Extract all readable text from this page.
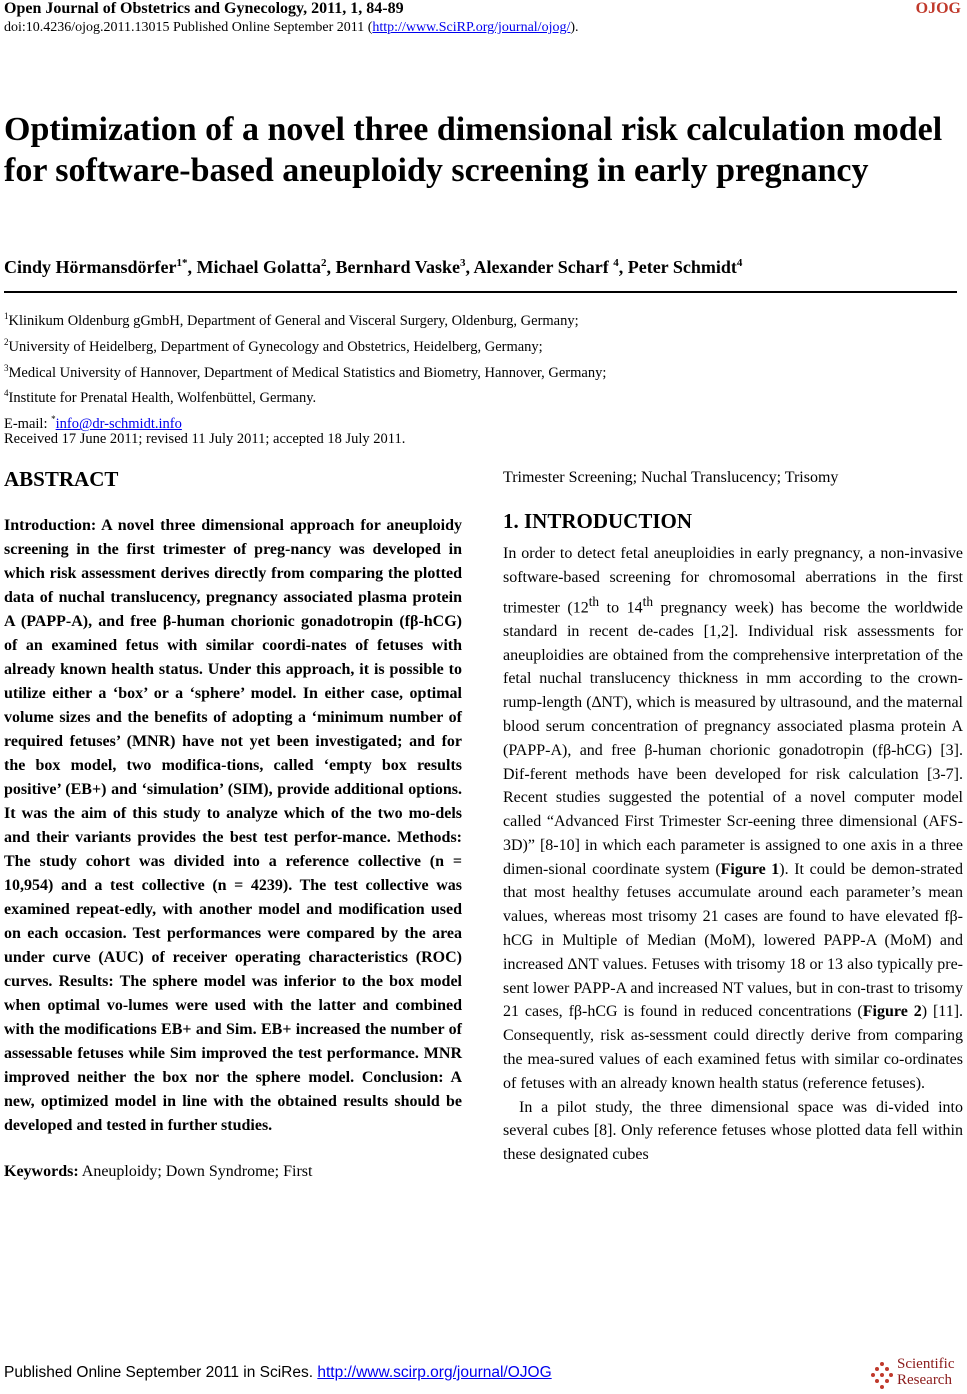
Open Journal of Obstetrics and Gynecology, 2011, 1, 84-89	OJOG
doi:10.4236/ojog.2011.13015 Published Online September 2011 (http://www.SciRP.org/journal/ojog/).
Optimization of a novel three dimensional risk calculation model for software-based aneuploidy screening in early pregnancy
Cindy Hörmansdörfer$^{1*}$, Michael Golatta$^2$, Bernhard Vaske$^3$, Alexander Scharf $^4$, Peter Schmidt$^4$
$^1$Klinikum Oldenburg gGmbH, Department of General and Visceral Surgery, Oldenburg, Germany;
$^2$University of Heidelberg, Department of Gynecology and Obstetrics, Heidelberg, Germany;
$^3$Medical University of Hannover, Department of Medical Statistics and Biometry, Hannover, Germany;
$^4$Institute for Prenatal Health, Wolfenbüttel, Germany.
E-mail: *info@dr-schmidt.info
Received 17 June 2011; revised 11 July 2011; accepted 18 July 2011.
ABSTRACT
Introduction: A novel three dimensional approach for aneuploidy screening in the first trimester of preg-nancy was developed in which risk assessment derives directly from comparing the plotted data of nuchal translucency, pregnancy associated plasma protein A (PAPP-A), and free β-human chorionic gonadotropin (fβ-hCG) of an examined fetus with similar coordi-nates of fetuses with already known health status. Under this approach, it is possible to utilize either a ‘box’ or a ‘sphere’ model. In either case, optimal volume sizes and the benefits of adopting a ‘minimum number of required fetuses’ (MNR) have not yet been investigated; and for the box model, two modifica-tions, called ‘empty box results positive’ (EB+) and ‘simulation’ (SIM), provide additional options. It was the aim of this study to analyze which of the two mo-dels and their variants provides the best test perfor-mance. Methods: The study cohort was divided into a reference collective (n = 10,954) and a test collective (n = 4239). The test collective was examined repeat-edly, with another model and modification used on each occasion. Test performances were compared by the area under curve (AUC) of receiver operating characteristics (ROC) curves. Results: The sphere model was inferior to the box model when optimal vo-lumes were used with the latter and combined with the modifications EB+ and Sim. EB+ increased the number of assessable fetuses while Sim improved the test performance. MNR improved neither the box nor the sphere model. Conclusion: A new, optimized model in line with the obtained results should be developed and tested in further studies.
Keywords: Aneuploidy; Down Syndrome; First
Trimester Screening; Nuchal Translucency; Trisomy
1. INTRODUCTION

In order to detect fetal aneuploidies in early pregnancy, a non-invasive software-based screening for chromosomal aberrations in the first trimester (12th to 14th pregnancy week) has become the worldwide standard in recent de-cades [1,2]. Individual risk assessments for aneuploidies are obtained from the comprehensive interpretation of the fetal nuchal translucency thickness in mm according to the crown-rump-length (∆NT), which is measured by ultrasound, and the maternal blood serum concentration of pregnancy associated plasma protein A (PAPP-A), and free β-human chorionic gonadotropin (fβ-hCG) [3]. Dif-ferent methods have been developed for risk calculation [3-7]. Recent studies suggested the potential of a novel computer model called “Advanced First Trimester Scr-eening three dimensional (AFS-3D)” [8-10] in which each parameter is assigned to one axis in a three dimen-sional coordinate system (Figure 1). It could be demon-strated that most healthy fetuses accumulate around each parameter’s mean values, whereas most trisomy 21 cases are found to have elevated fβ-hCG in Multiple of Median (MoM), lowered PAPP-A (MoM) and increased ∆NT values. Fetuses with trisomy 18 or 13 also typically pre-sent lower PAPP-A and increased NT values, but in con-trast to trisomy 21 cases, fβ-hCG is found in reduced concentrations (Figure 2) [11]. Consequently, risk as-sessment could directly derive from comparing the mea-sured values of each examined fetus with similar co-ordinates of fetuses with an already known health status (reference fetuses).

In a pilot study, the three dimensional space was di-vided into several cubes [8]. Only reference fetuses whose plotted data fell within these designated cubes

Published Online September 2011 in SciRes. http://www.scirp.org/journal/OJOG	Scientific
Research
